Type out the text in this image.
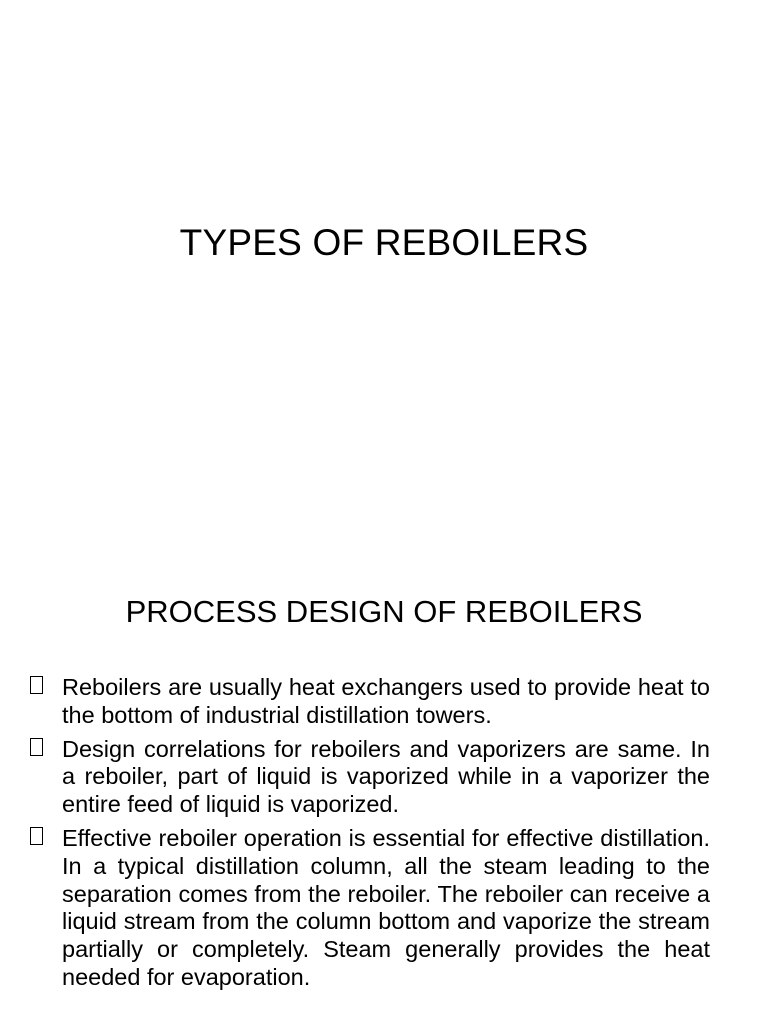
TYPES OF REBOILERS
PROCESS DESIGN OF REBOILERS
Reboilers are usually heat exchangers used to provide heat to the bottom of industrial distillation towers.
Design correlations for reboilers and vaporizers are same. In a reboiler, part of liquid is vaporized while in a vaporizer the entire feed of liquid is vaporized.
Effective reboiler operation is essential for effective distillation. In a typical distillation column, all the steam leading to the separation comes from the reboiler. The reboiler can receive a liquid stream from the column bottom and vaporize the stream partially or completely. Steam generally provides the heat needed for evaporation.
